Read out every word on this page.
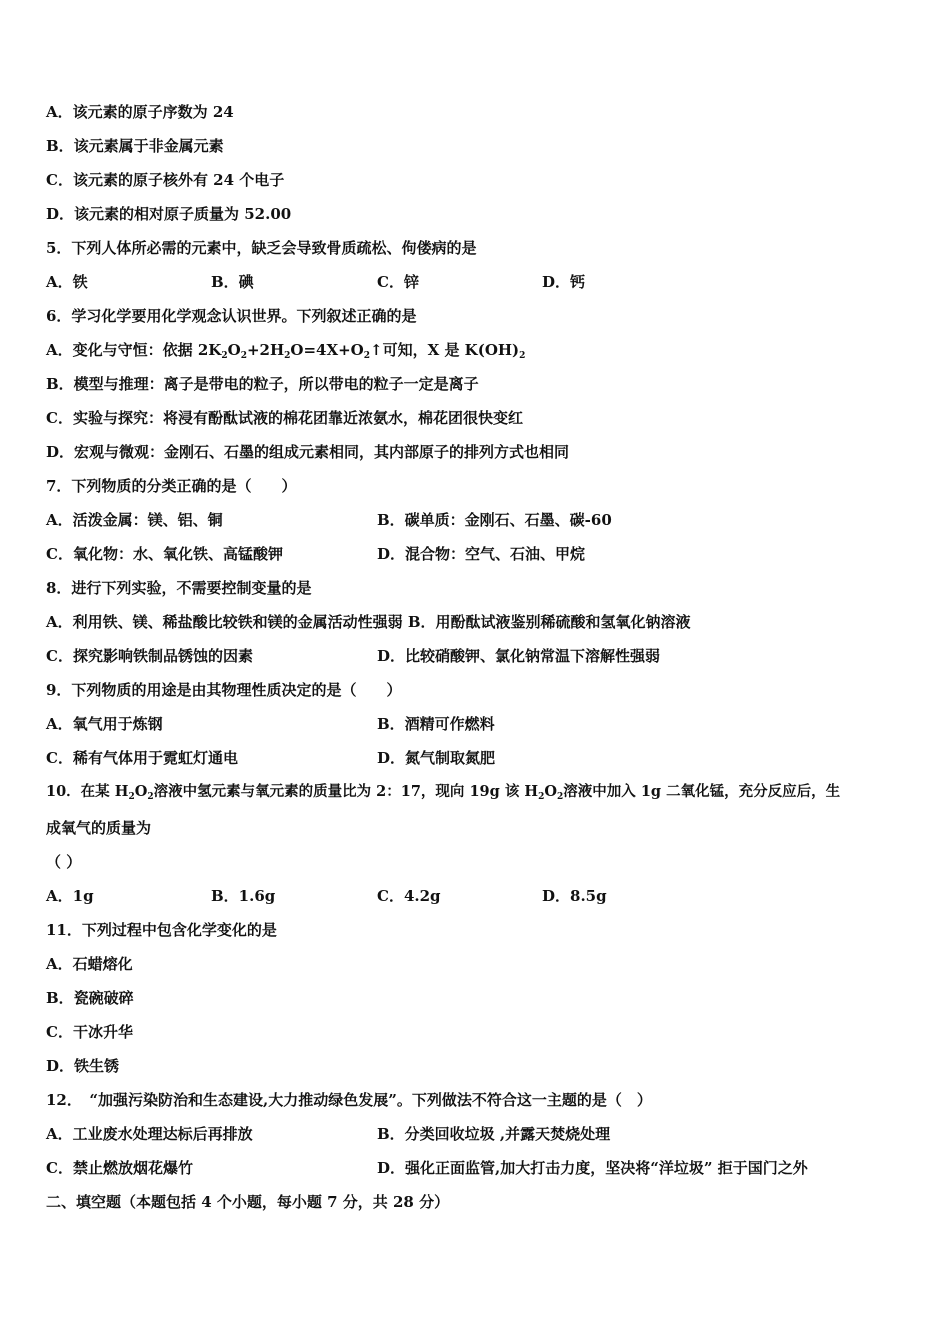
A．该元素的原子序数为 24
B．该元素属于非金属元素
C．该元素的原子核外有 24 个电子
D．该元素的相对原子质量为 52.00
5．下列人体所必需的元素中，缺乏会导致骨质疏松、佝偻病的是
A．铁	B．碘	C．锌	D．钙
6．学习化学要用化学观念认识世界。下列叙述正确的是
A．变化与守恒：依据 $2K_2O_2+2H_2O=4X+O_2↑$可知，X 是 $K(OH)_2$
B．模型与推理：离子是带电的粒子，所以带电的粒子一定是离子
C．实验与探究：将浸有酚酞试液的棉花团靠近浓氨水，棉花团很快变红
D．宏观与微观：金刚石、石墨的组成元素相同，其内部原子的排列方式也相同
7．下列物质的分类正确的是（　　）
A．活泼金属：镁、铝、铜	B．碳单质：金刚石、石墨、碳-60
C．氧化物：水、氧化铁、高锰酸钾	D．混合物：空气、石油、甲烷
8．进行下列实验，不需要控制变量的是
A．利用铁、镁、稀盐酸比较铁和镁的金属活动性强弱 B．用酚酞试液鉴别稀硫酸和氢氧化钠溶液
C．探究影响铁制品锈蚀的因素	D．比较硝酸钾、氯化钠常温下溶解性强弱
9．下列物质的用途是由其物理性质决定的是（　　）
A．氧气用于炼钢	B．酒精可作燃料
C．稀有气体用于霓虹灯通电	D．氮气制取氮肥
10．在某 $H_2O_2$溶液中氢元素与氧元素的质量比为 2：17，现向 19g 该 $H_2O_2$溶液中加入 1g 二氧化锰，充分反应后，生
成氧气的质量为
（ ）
A．1g	B．1.6g	C．4.2g	D．8.5g
11．下列过程中包含化学变化的是
A．石蜡熔化
B．瓷碗破碎
C．干冰升华
D．铁生锈
12．　“加强污染防治和生态建设,大力推动绿色发展”。下列做法不符合这一主题的是（　）
A．工业废水处理达标后再排放	B．分类回收垃圾 ,并露天焚烧处理
C．禁止燃放烟花爆竹	D．强化正面监管,加大打击力度，坚决将“洋垃圾” 拒于国门之外
二、填空题（本题包括 4 个小题，每小题 7 分，共 28 分）
